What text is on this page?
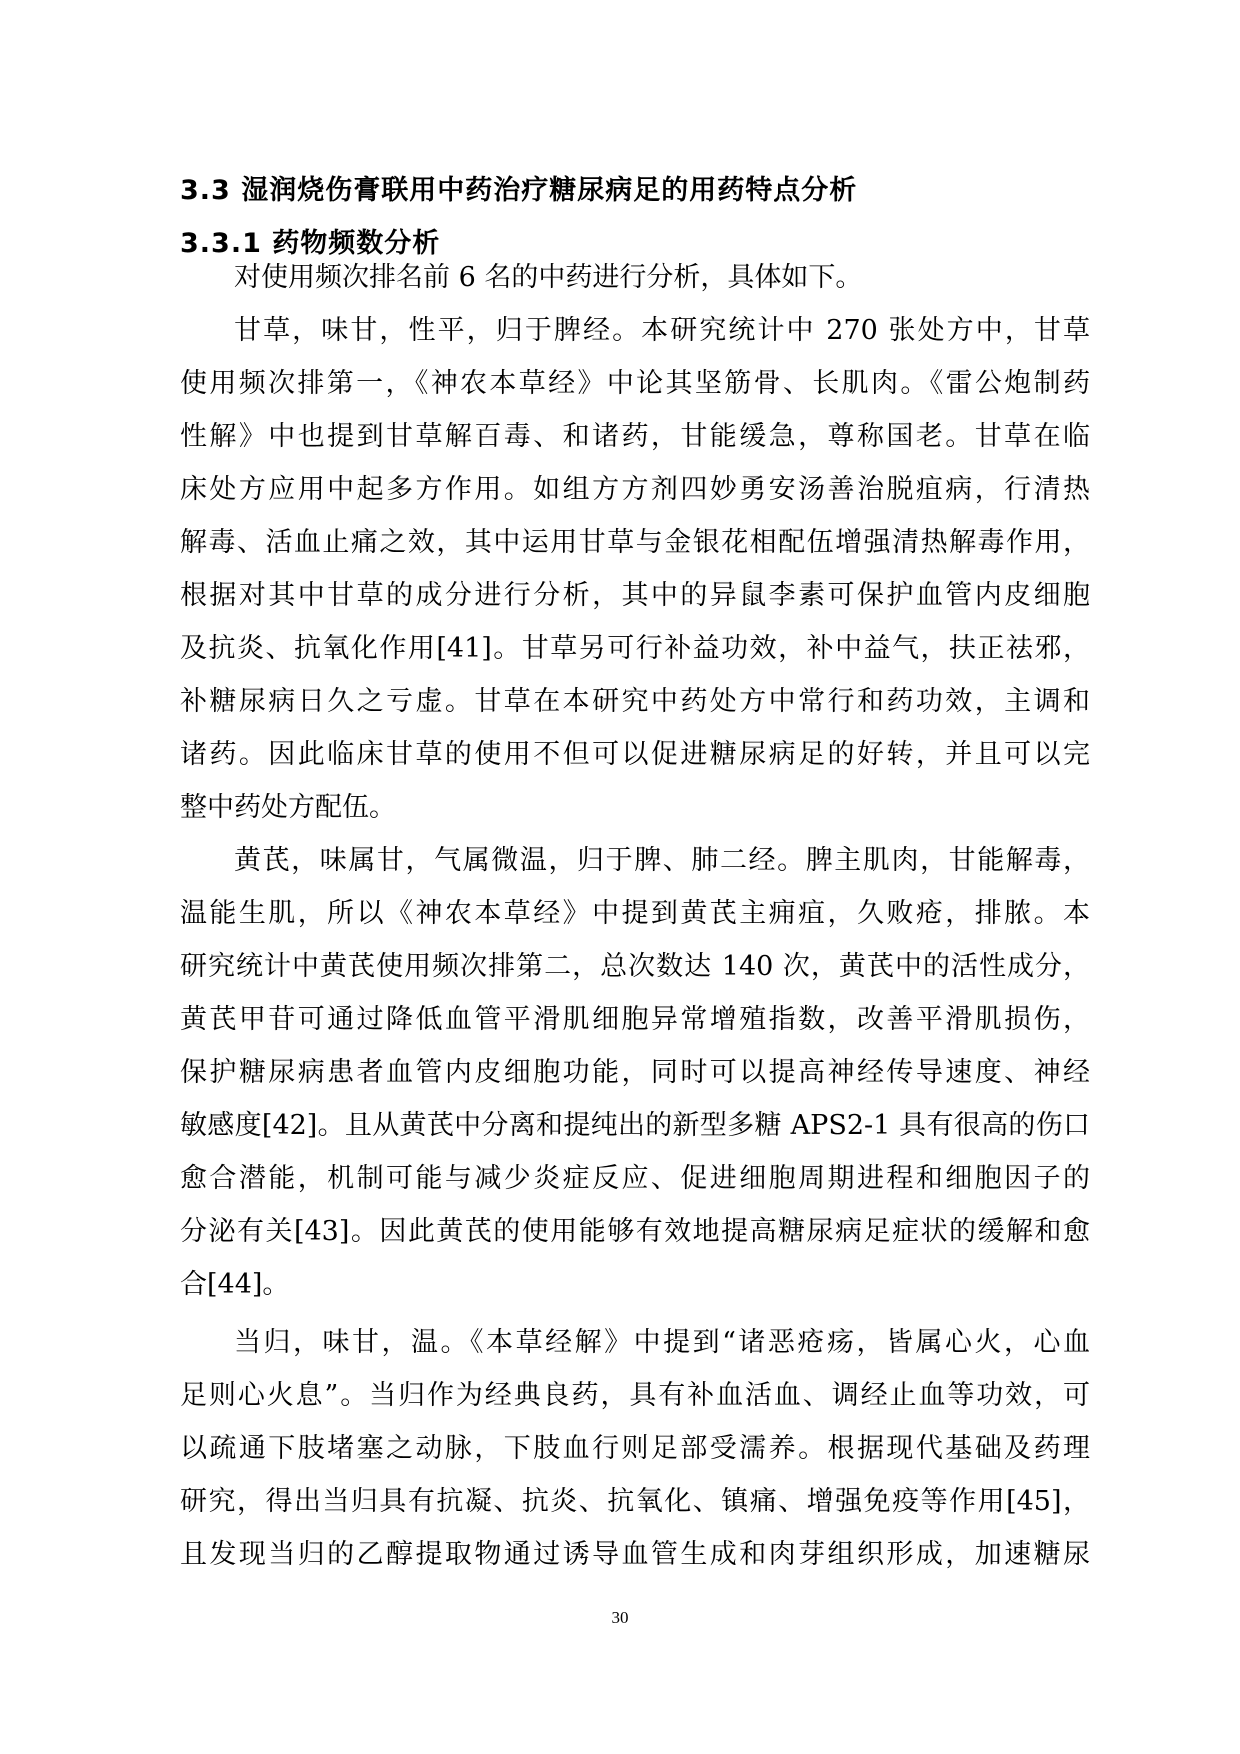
3.3 湿润烧伤膏联用中药治疗糖尿病足的用药特点分析
3.3.1 药物频数分析
对使用频次排名前 6 名的中药进行分析，具体如下。
甘草，味甘，性平，归于脾经。本研究统计中 270 张处方中，甘草
使用频次排第一，《神农本草经》中论其坚筋骨、长肌肉。《雷公炮制药
性解》中也提到甘草解百毒、和诸药，甘能缓急，尊称国老。甘草在临
床处方应用中起多方作用。如组方方剂四妙勇安汤善治脱疽病，行清热
解毒、活血止痛之效，其中运用甘草与金银花相配伍增强清热解毒作用，
根据对其中甘草的成分进行分析，其中的异鼠李素可保护血管内皮细胞
及抗炎、抗氧化作用[41]。甘草另可行补益功效，补中益气，扶正祛邪，
补糖尿病日久之亏虚。甘草在本研究中药处方中常行和药功效，主调和
诸药。因此临床甘草的使用不但可以促进糖尿病足的好转，并且可以完
整中药处方配伍。
黄芪，味属甘，气属微温，归于脾、肺二经。脾主肌肉，甘能解毒，
温能生肌，所以《神农本草经》中提到黄芪主痈疽，久败疮，排脓。本
研究统计中黄芪使用频次排第二，总次数达 140 次，黄芪中的活性成分，
黄芪甲苷可通过降低血管平滑肌细胞异常增殖指数，改善平滑肌损伤，
保护糖尿病患者血管内皮细胞功能，同时可以提高神经传导速度、神经
敏感度[42]。且从黄芪中分离和提纯出的新型多糖 APS2-1 具有很高的伤口
愈合潜能，机制可能与减少炎症反应、促进细胞周期进程和细胞因子的
分泌有关[43]。因此黄芪的使用能够有效地提高糖尿病足症状的缓解和愈
合[44]。
当归，味甘，温。《本草经解》中提到“诸恶疮疡，皆属心火，心血
足则心火息”。当归作为经典良药，具有补血活血、调经止血等功效，可
以疏通下肢堵塞之动脉，下肢血行则足部受濡养。根据现代基础及药理
研究，得出当归具有抗凝、抗炎、抗氧化、镇痛、增强免疫等作用[45]，
且发现当归的乙醇提取物通过诱导血管生成和肉芽组织形成，加速糖尿
30
